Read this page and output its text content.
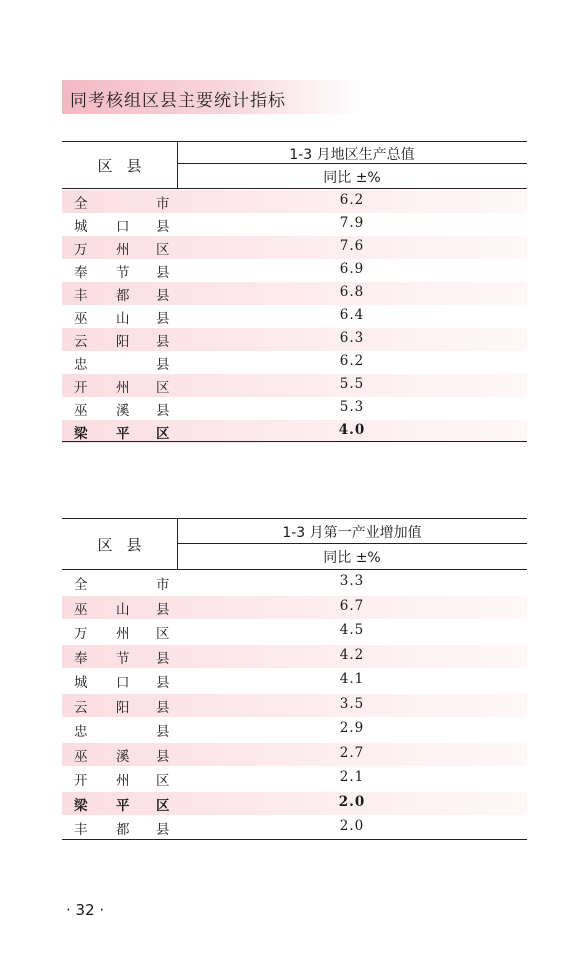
同考核组区县主要统计指标
区县
1-3 月地区生产总值
同比 ±%
全	市	6.2
城 口 县	7.9
万 州 区	7.6
奉 节 县	6.9
丰 都 县	6.8
巫 山 县	6.4
云 阳 县	6.3
忠	县	6.2
开 州 区	5.5
巫 溪 县	5.3
梁 平 区	4.0
区县
1-3 月第一产业增加值
同比 ±%
全	市	3.3
巫 山 县	6.7
万 州 区	4.5
奉 节 县	4.2
城 口 县	4.1
云 阳 县	3.5
忠	县	2.9
巫 溪 县	2.7
开 州 区	2.1
梁 平 区	2.0
丰 都 县	2.0
· 32 ·
